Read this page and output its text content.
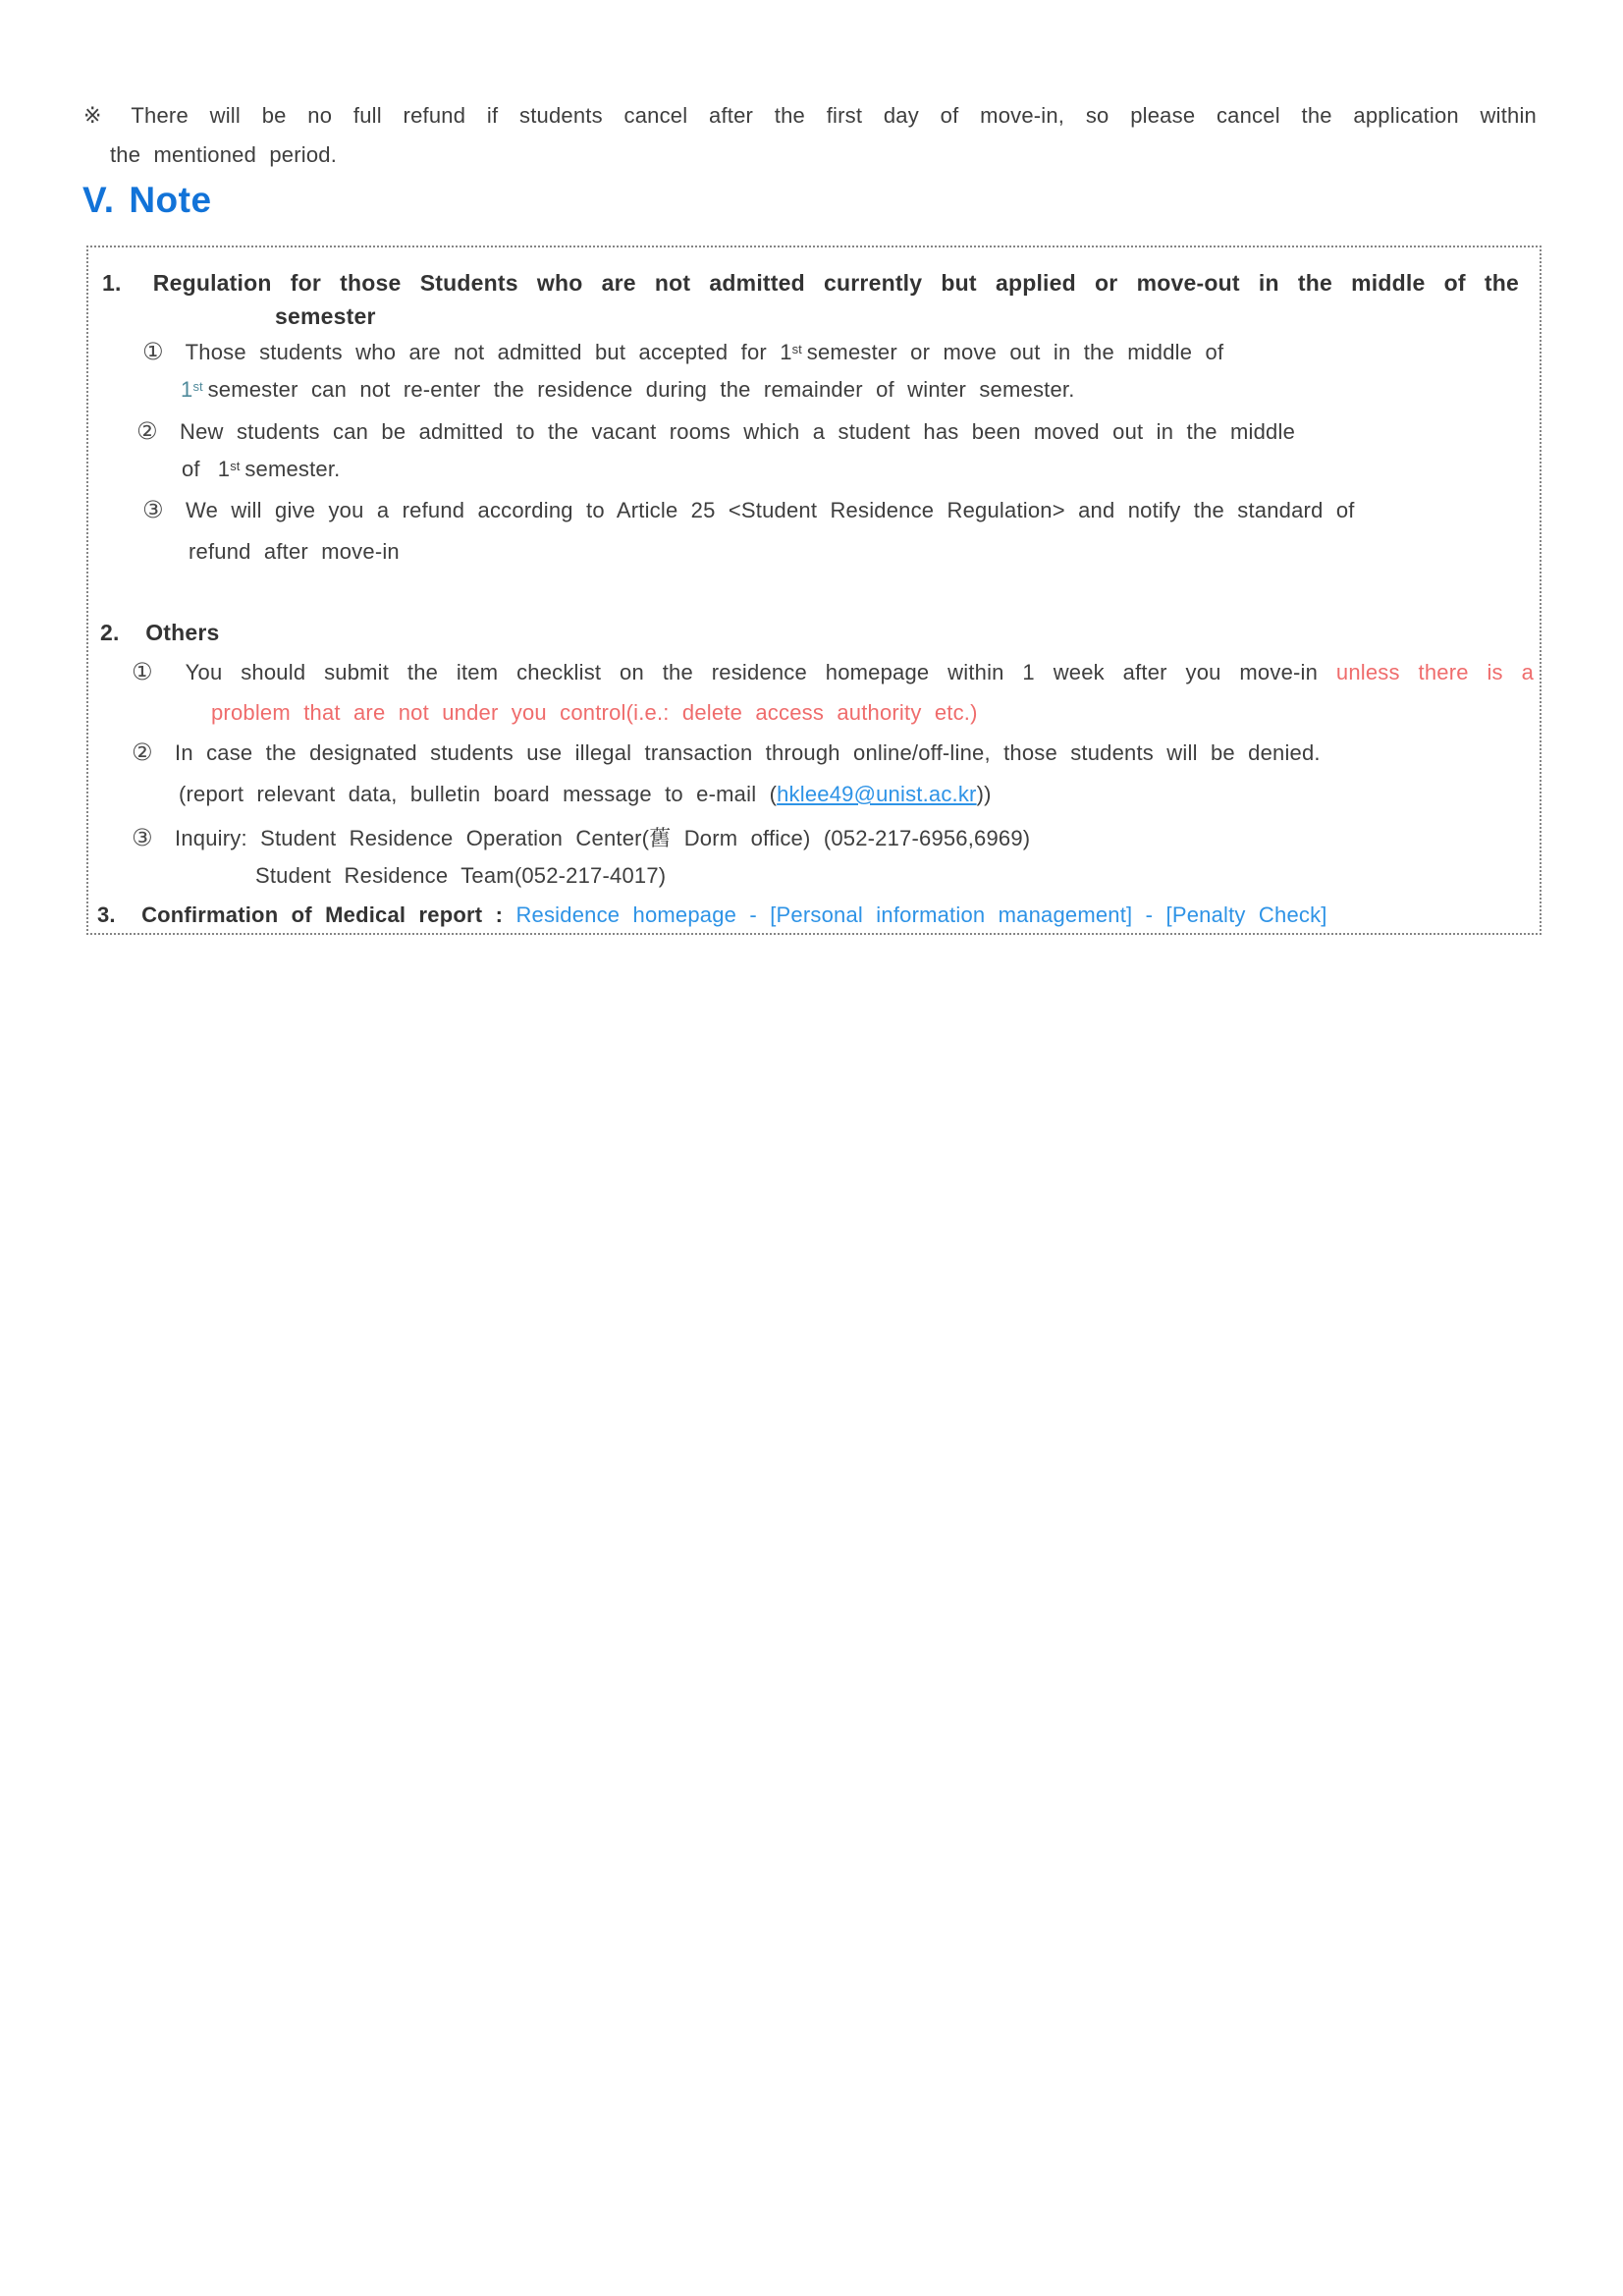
※ There will be no full refund if students cancel after the first day of move-in, so please cancel the application within
the mentioned period.
V. Note
1. Regulation for those Students who are not admitted currently but applied or move-out in the middle of the
semester
① Those students who are not admitted but accepted for 1st semester or move out in the middle of
1st semester can not re-enter the residence during the remainder of winter semester.
② New students can be admitted to the vacant rooms which a student has been moved out in the middle
of 1st semester.
③ We will give you a refund according to Article 25 <Student Residence Regulation> and notify the standard of
refund after move-in
2. Others
① You should submit the item checklist on the residence homepage within 1 week after you move-in unless there is a
problem that are not under you control(i.e.: delete access authority etc.)
② In case the designated students use illegal transaction through online/off-line, those students will be denied.
(report relevant data, bulletin board message to e-mail (hklee49@unist.ac.kr))
③ Inquiry: Student Residence Operation Center(舊 Dorm office) (052-217-6956,6969)
Student Residence Team(052-217-4017)
3. Confirmation of Medical report : Residence homepage - [Personal information management] - [Penalty Check]
